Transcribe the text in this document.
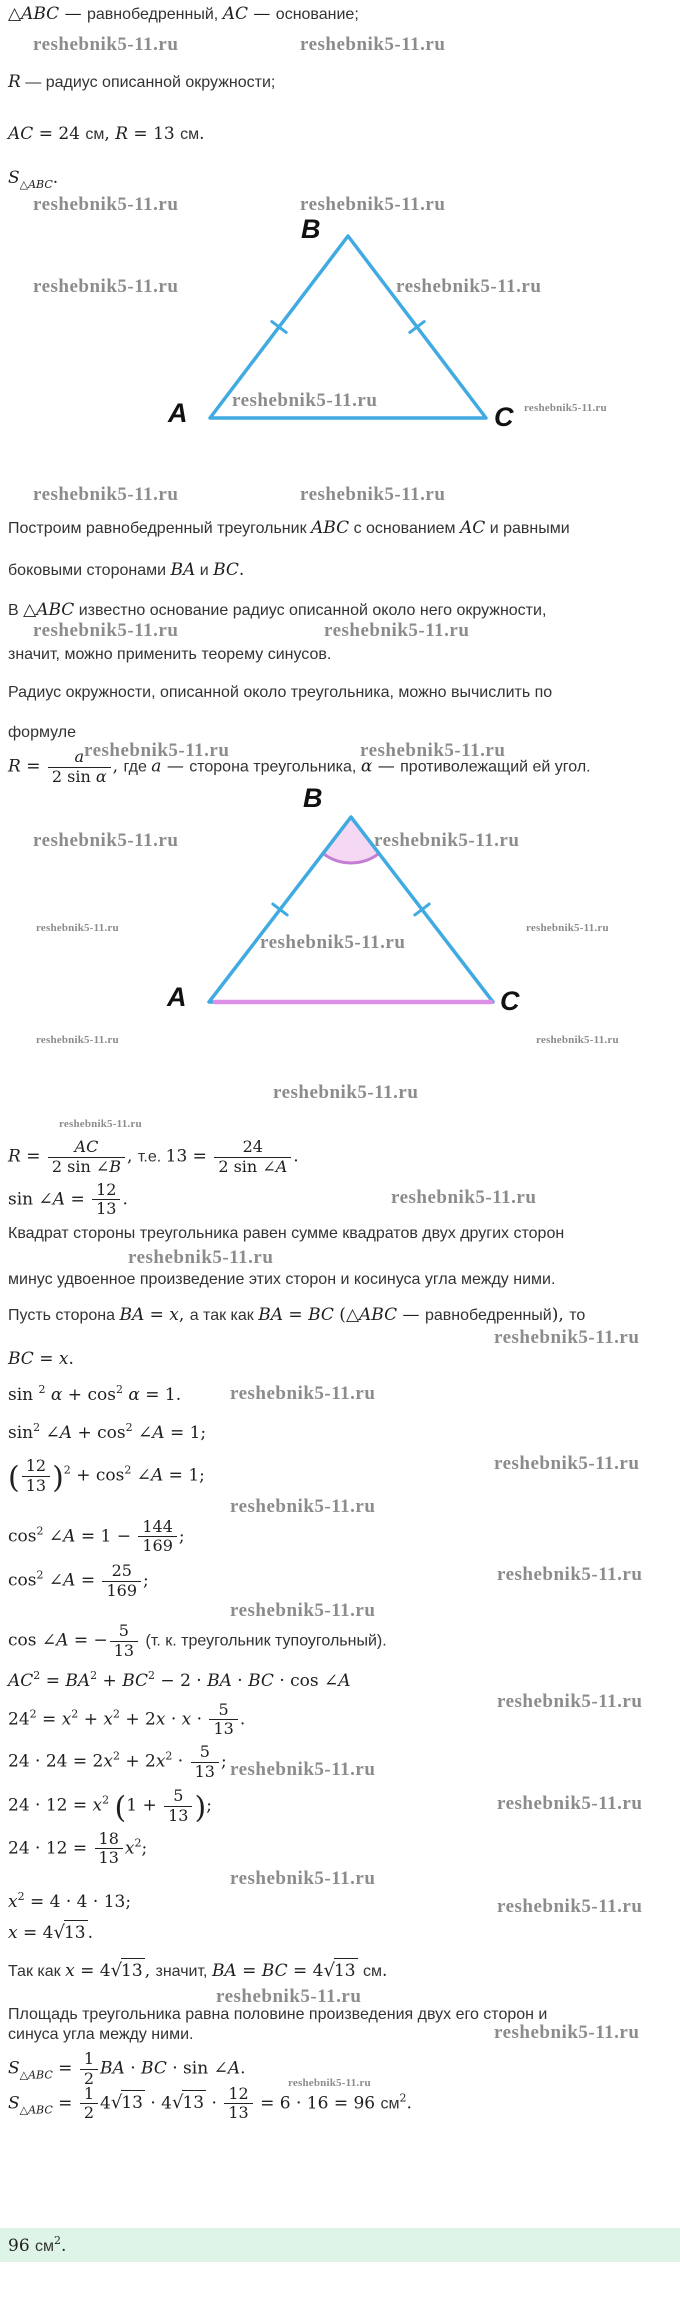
△ABC — равнобедренный, AC — основание;
reshebnik5-11.ru	reshebnik5-11.ru
R — радиус описанной окружности;
AC = 24 см, R = 13 см.
$S_{\triangle ABC}$.
reshebnik5-11.ru	reshebnik5-11.ru
B
A	C
reshebnik5-11.ru	reshebnik5-11.ru
reshebnik5-11.ru	reshebnik5-11.ru
reshebnik5-11.ru	reshebnik5-11.ru
Построим равнобедренный треугольник ABC с основанием AC и равными
боковыми сторонами BA и BC.
В △ABC известно основание радиус описанной около него окружности,
reshebnik5-11.ru	reshebnik5-11.ru
значит, можно применить теорему синусов.
Радиус окружности, описанной около треугольника, можно вычислить по
формуле
$R = \frac{a}{\text{2 sin α}}$ , где a — сторона треугольника, α — противолежащий ей угол.
reshebnik5-11.ru	reshebnik5-11.ru
B
A	C
reshebnik5-11.ru	reshebnik5-11.ru
reshebnik5-11.ru
reshebnik5-11.ru
reshebnik5-11.ru
reshebnik5-11.ru	reshebnik5-11.ru
reshebnik5-11.ru
reshebnik5-11.ru
$R = \frac{AC}{2 \sin \angle B}$ , т.е. $13 = \frac{24}{2 \sin \angle A}$ .
sin ∠A = $\frac{12}{13}$ .	reshebnik5-11.ru
Квадрат стороны треугольника равен сумме квадратов двух других сторон
reshebnik5-11.ru
минус удвоенное произведение этих сторон и косинуса угла между ними.
Пусть сторона BA = x, а так как BA = BC (△ABC — равнобедренный), то
reshebnik5-11.ru
BC = x.
sin $^2$ $\alpha + \cos^2 \alpha = 1$.	reshebnik5-11.ru
$\sin^2$ ∠A + $\cos^2$ ∠A = 1;
( $\frac{12}{13} )^2 + \cos^2$ ∠A = 1;
reshebnik5-11.ru
reshebnik5-11.ru
$\cos^2$ ∠A = $1 - \frac{144}{169}$ ;
$\cos^2$ ∠A = $\frac{25}{169}$ ;	reshebnik5-11.ru
reshebnik5-11.ru
cos ∠A = − $\frac{5}{13} (т$. к. треугольник тупоугольный).
$AC^2 = BA^2 + BC^2 - 2$ · BA · BC · cos ∠A
reshebnik5-11.ru
$24^2 = x^2 + x^2 + 2x \cdot x \cdot \frac{5}{13}$ .
$24 \cdot 24 = 2x^2 + 2x^2 \cdot \frac{5}{13}$ ; reshebnik5-11.ru
$24 \cdot 12 = x^2$ ($1 + \frac{5}{13}$ );	reshebnik5-11.ru
$24 \cdot 12 = \frac{18}{13} x^2$;
reshebnik5-11.ru
$x^2 = 4 \cdot 4 \cdot 13$;	reshebnik5-11.ru
x = 4√13 .
Так как x = 4√13 , значит, BA = BC = 4√13 см.
reshebnik5-11.ru
Площадь треугольника равна половине произведения двух его сторон и
reshebnik5-11.ru
синуса угла между ними.
$S_{\triangle ABC} = \frac{1}{2}$ BA · BC · sin ∠A.
$S_{\triangle ABC} = \frac{1}{2} 4√13 \cdot 4√13 \cdot \frac{12}{13} = 6 \cdot 16 = 96$ $см^2$.
reshebnik5-11.ru
96 $см^2$.
